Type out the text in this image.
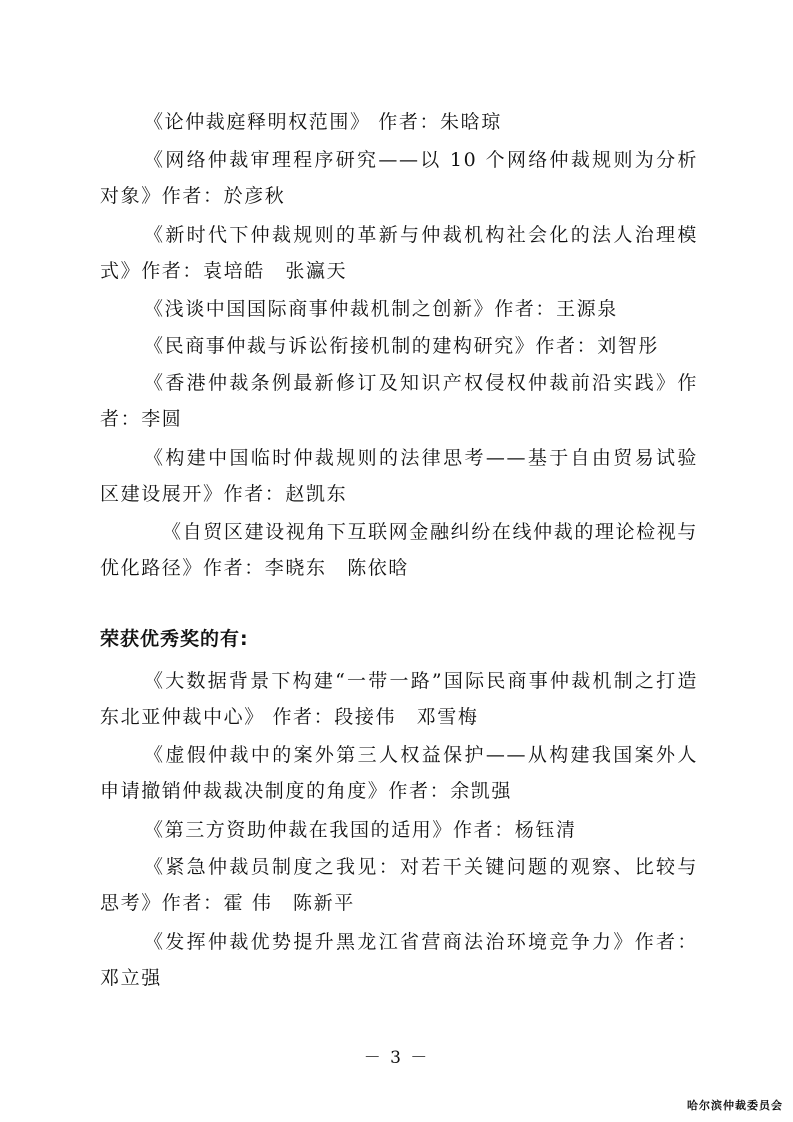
《论仲裁庭释明权范围》 作者：朱晗琼

《网络仲裁审理程序研究——以 10 个网络仲裁规则为分析对象》作者：於彦秋

《新时代下仲裁规则的革新与仲裁机构社会化的法人治理模式》作者：袁培皓　张瀛天

《浅谈中国国际商事仲裁机制之创新》作者：王源泉

《民商事仲裁与诉讼衔接机制的建构研究》作者：刘智彤

《香港仲裁条例最新修订及知识产权侵权仲裁前沿实践》作者：李圆

《构建中国临时仲裁规则的法律思考——基于自由贸易试验区建设展开》作者：赵凯东

《自贸区建设视角下互联网金融纠纷在线仲裁的理论检视与优化路径》作者：李晓东　陈依晗

荣获优秀奖的有:

《大数据背景下构建“一带一路”国际民商事仲裁机制之打造东北亚仲裁中心》 作者：段接伟　邓雪梅

《虚假仲裁中的案外第三人权益保护——从构建我国案外人申请撤销仲裁裁决制度的角度》作者：余凯强

《第三方资助仲裁在我国的适用》作者：杨钰清

《紧急仲裁员制度之我见：对若干关键问题的观察、比较与思考》作者：霍 伟　陈新平

《发挥仲裁优势提升黑龙江省营商法治环境竞争力》作者：邓立强

－ 3 －
哈尔滨仲裁委员会
